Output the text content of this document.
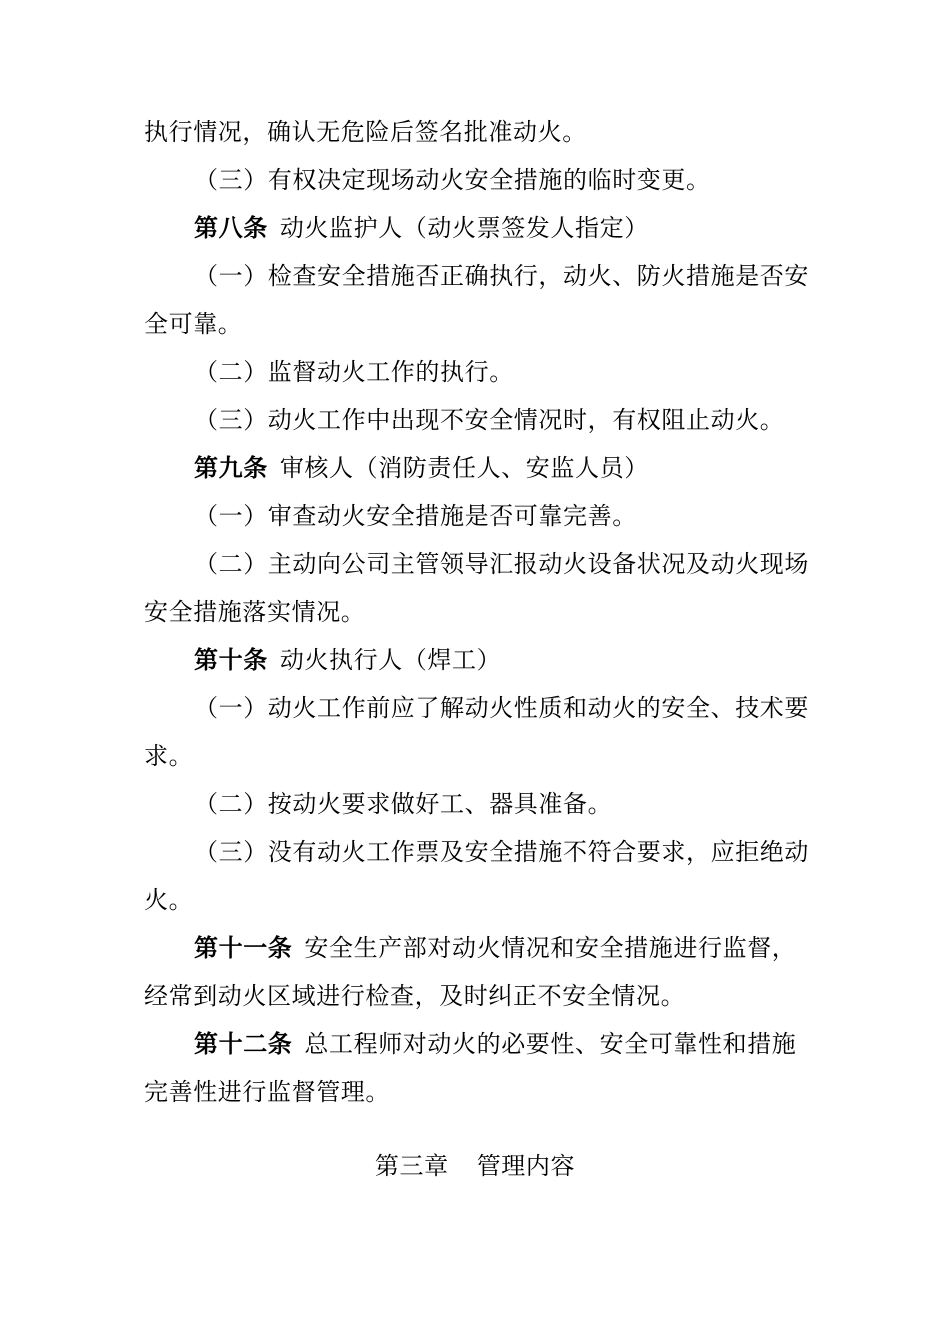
执行情况，确认无危险后签名批准动火。

（三）有权决定现场动火安全措施的临时变更。

第八条 动火监护人（动火票签发人指定）

（一）检查安全措施否正确执行，动火、防火措施是否安全可靠。

（二）监督动火工作的执行。

（三）动火工作中出现不安全情况时，有权阻止动火。

第九条 审核人（消防责任人、安监人员）

（一）审查动火安全措施是否可靠完善。

（二）主动向公司主管领导汇报动火设备状况及动火现场安全措施落实情况。

第十条 动火执行人（焊工）

（一）动火工作前应了解动火性质和动火的安全、技术要求。

（二）按动火要求做好工、器具准备。

（三）没有动火工作票及安全措施不符合要求，应拒绝动火。

第十一条 安全生产部对动火情况和安全措施进行监督，经常到动火区域进行检查，及时纠正不安全情况。

第十二条 总工程师对动火的必要性、安全可靠性和措施完善性进行监督管理。

第三章 管理内容
